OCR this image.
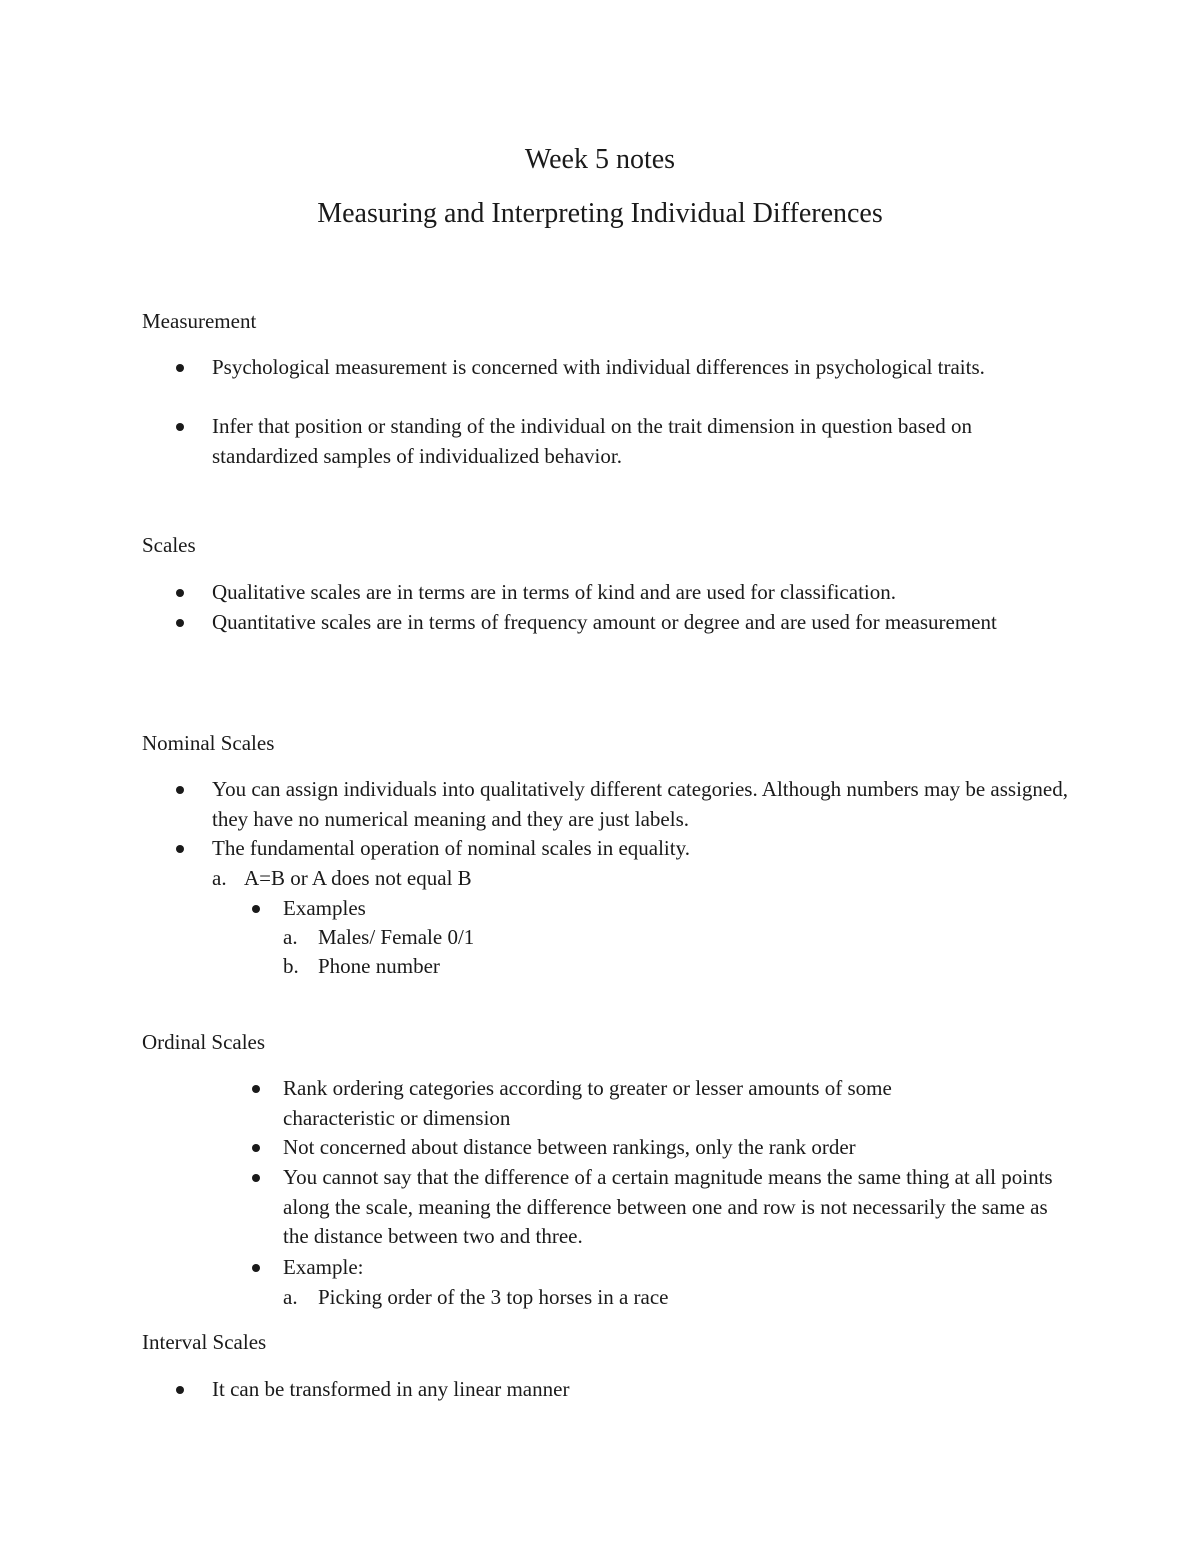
Week 5 notes
Measuring and Interpreting Individual Differences
Measurement
Psychological measurement is concerned with individual differences in psychological traits.
Infer that position or standing of the individual on the trait dimension in question based on standardized samples of individualized behavior.
Scales
Qualitative scales are in terms are in terms of kind and are used for classification.
Quantitative scales are in terms of frequency amount or degree and are used for measurement
Nominal Scales
You can assign individuals into qualitatively different categories. Although numbers may be assigned, they have no numerical meaning and they are just labels.
The fundamental operation of nominal scales in equality.
a. A=B or A does not equal B
Examples
a. Males/ Female 0/1
b. Phone number
Ordinal Scales
Rank ordering categories according to greater or lesser amounts of some characteristic or dimension
Not concerned about distance between rankings, only the rank order
You cannot say that the difference of a certain magnitude means the same thing at all points along the scale, meaning the difference between one and row is not necessarily the same as the distance between two and three.
Example:
a. Picking order of the 3 top horses in a race
Interval Scales
It can be transformed in any linear manner
